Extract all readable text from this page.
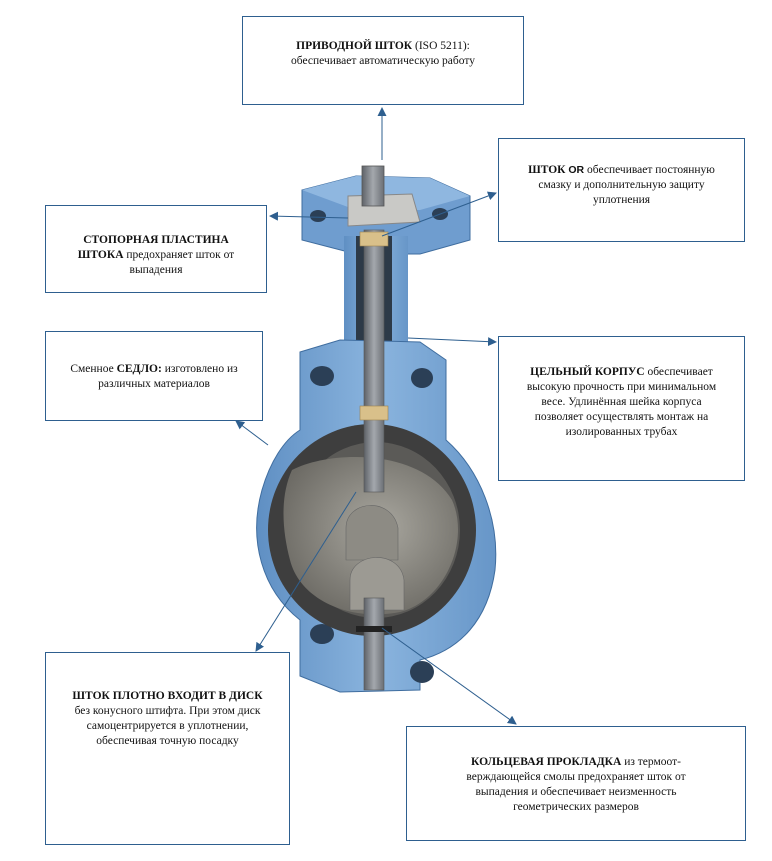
ПРИВОДНОЙ ШТОК (ISO 5211):
обеспечивает автоматическую работу
ШТОК OR обеспечивает постоянную
смазку и дополнительную защиту
уплотнения
СТОПОРНАЯ ПЛАСТИНА
ШТОКА предохраняет шток от
выпадения
Сменное СЕДЛО: изготовлено из
различных материалов
ЦЕЛЬНЫЙ КОРПУС обеспечивает
высокую прочность при минимальном
весе. Удлинённая шейка корпуса
позволяет осуществлять монтаж на
изолированных трубах
ШТОК ПЛОТНО ВХОДИТ В ДИСК
без конусного штифта. При этом диск
самоцентрируется в уплотнении,
обеспечивая точную посадку
КОЛЬЦЕВАЯ ПРОКЛАДКА из термоот-
верждающейся смолы предохраняет шток от
выпадения и обеспечивает неизменность
геометрических размеров
